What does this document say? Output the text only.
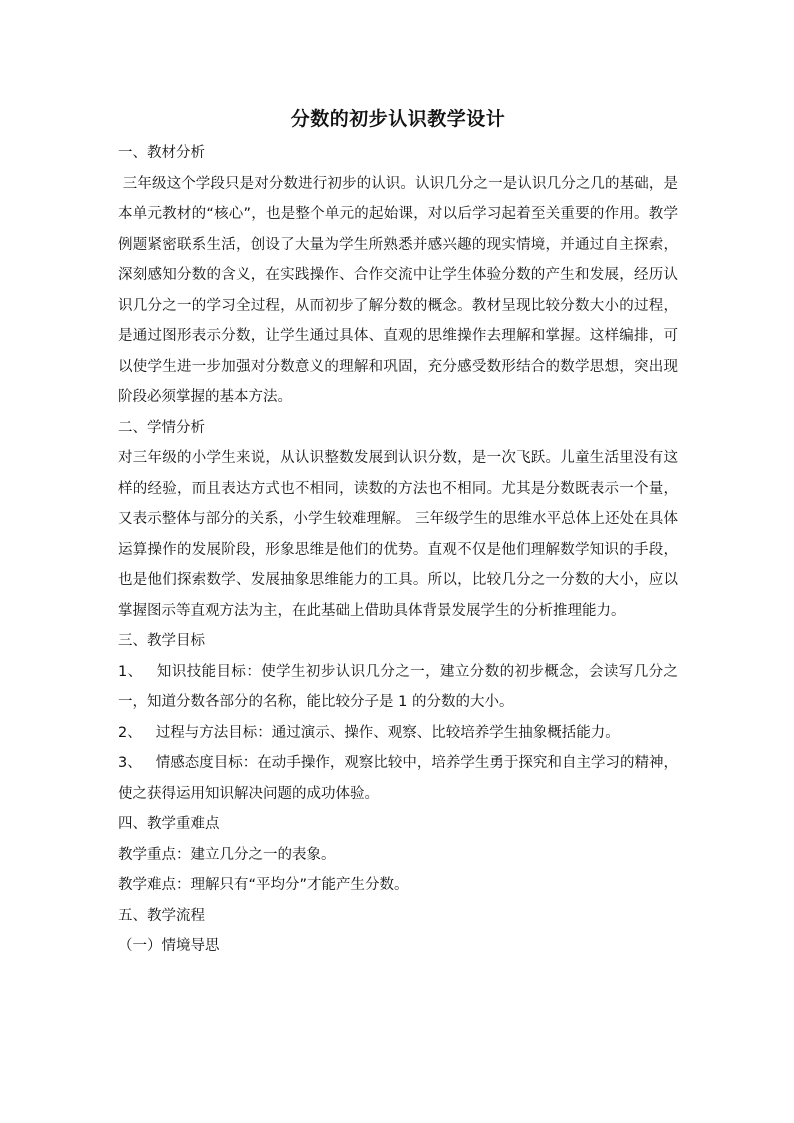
分数的初步认识教学设计
一、教材分析
三年级这个学段只是对分数进行初步的认识。认识几分之一是认识几分之几的基础，是本单元教材的“核心”，也是整个单元的起始课，对以后学习起着至关重要的作用。教学例题紧密联系生活，创设了大量为学生所熟悉并感兴趣的现实情境，并通过自主探索，深刻感知分数的含义，在实践操作、合作交流中让学生体验分数的产生和发展，经历认识几分之一的学习全过程，从而初步了解分数的概念。教材呈现比较分数大小的过程，是通过图形表示分数，让学生通过具体、直观的思维操作去理解和掌握。这样编排，可以使学生进一步加强对分数意义的理解和巩固，充分感受数形结合的数学思想，突出现阶段必须掌握的基本方法。
二、学情分析
对三年级的小学生来说，从认识整数发展到认识分数，是一次飞跃。儿童生活里没有这样的经验，而且表达方式也不相同，读数的方法也不相同。尤其是分数既表示一个量，又表示整体与部分的关系，小学生较难理解。 三年级学生的思维水平总体上还处在具体运算操作的发展阶段，形象思维是他们的优势。直观不仅是他们理解数学知识的手段，也是他们探索数学、发展抽象思维能力的工具。所以，比较几分之一分数的大小，应以掌握图示等直观方法为主，在此基础上借助具体背景发展学生的分析推理能力。
三、教学目标
1、 知识技能目标：使学生初步认识几分之一，建立分数的初步概念，会读写几分之一，知道分数各部分的名称，能比较分子是 1 的分数的大小。
2、 过程与方法目标：通过演示、操作、观察、比较培养学生抽象概括能力。
3、 情感态度目标：在动手操作，观察比较中，培养学生勇于探究和自主学习的精神，使之获得运用知识解决问题的成功体验。
四、教学重难点
教学重点：建立几分之一的表象。
教学难点：理解只有“平均分”才能产生分数。
五、教学流程
（一）情境导思
